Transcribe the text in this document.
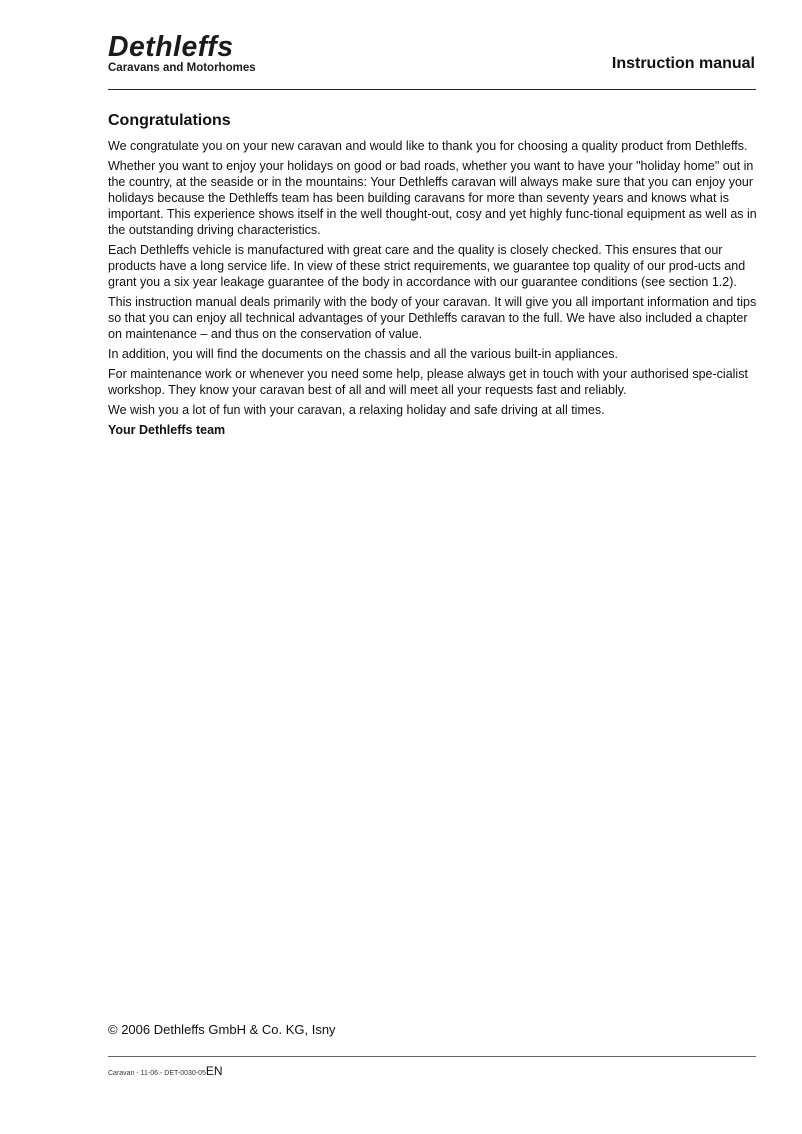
Dethleffs
Caravans and Motorhomes	Instruction manual
Congratulations

We congratulate you on your new caravan and would like to thank you for choosing a quality product from Dethleffs.

Whether you want to enjoy your holidays on good or bad roads, whether you want to have your "holiday home" out in the country, at the seaside or in the mountains: Your Dethleffs caravan will always make sure that you can enjoy your holidays because the Dethleffs team has been building caravans for more than seventy years and knows what is important. This experience shows itself in the well thought-out, cosy and yet highly func-tional equipment as well as in the outstanding driving characteristics.

Each Dethleffs vehicle is manufactured with great care and the quality is closely checked. This ensures that our products have a long service life. In view of these strict requirements, we guarantee top quality of our prod-ucts and grant you a six year leakage guarantee of the body in accordance with our guarantee conditions (see section 1.2).

This instruction manual deals primarily with the body of your caravan. It will give you all important information and tips so that you can enjoy all technical advantages of your Dethleffs caravan to the full. We have also included a chapter on maintenance – and thus on the conservation of value.

In addition, you will find the documents on the chassis and all the various built-in appliances.

For maintenance work or whenever you need some help, please always get in touch with your authorised spe-cialist workshop. They know your caravan best of all and will meet all your requests fast and reliably.

We wish you a lot of fun with your caravan, a relaxing holiday and safe driving at all times.

Your Dethleffs team

© 2006 Dethleffs GmbH & Co. KG, Isny
Caravan - 11-06 - DET-0030-05EN
